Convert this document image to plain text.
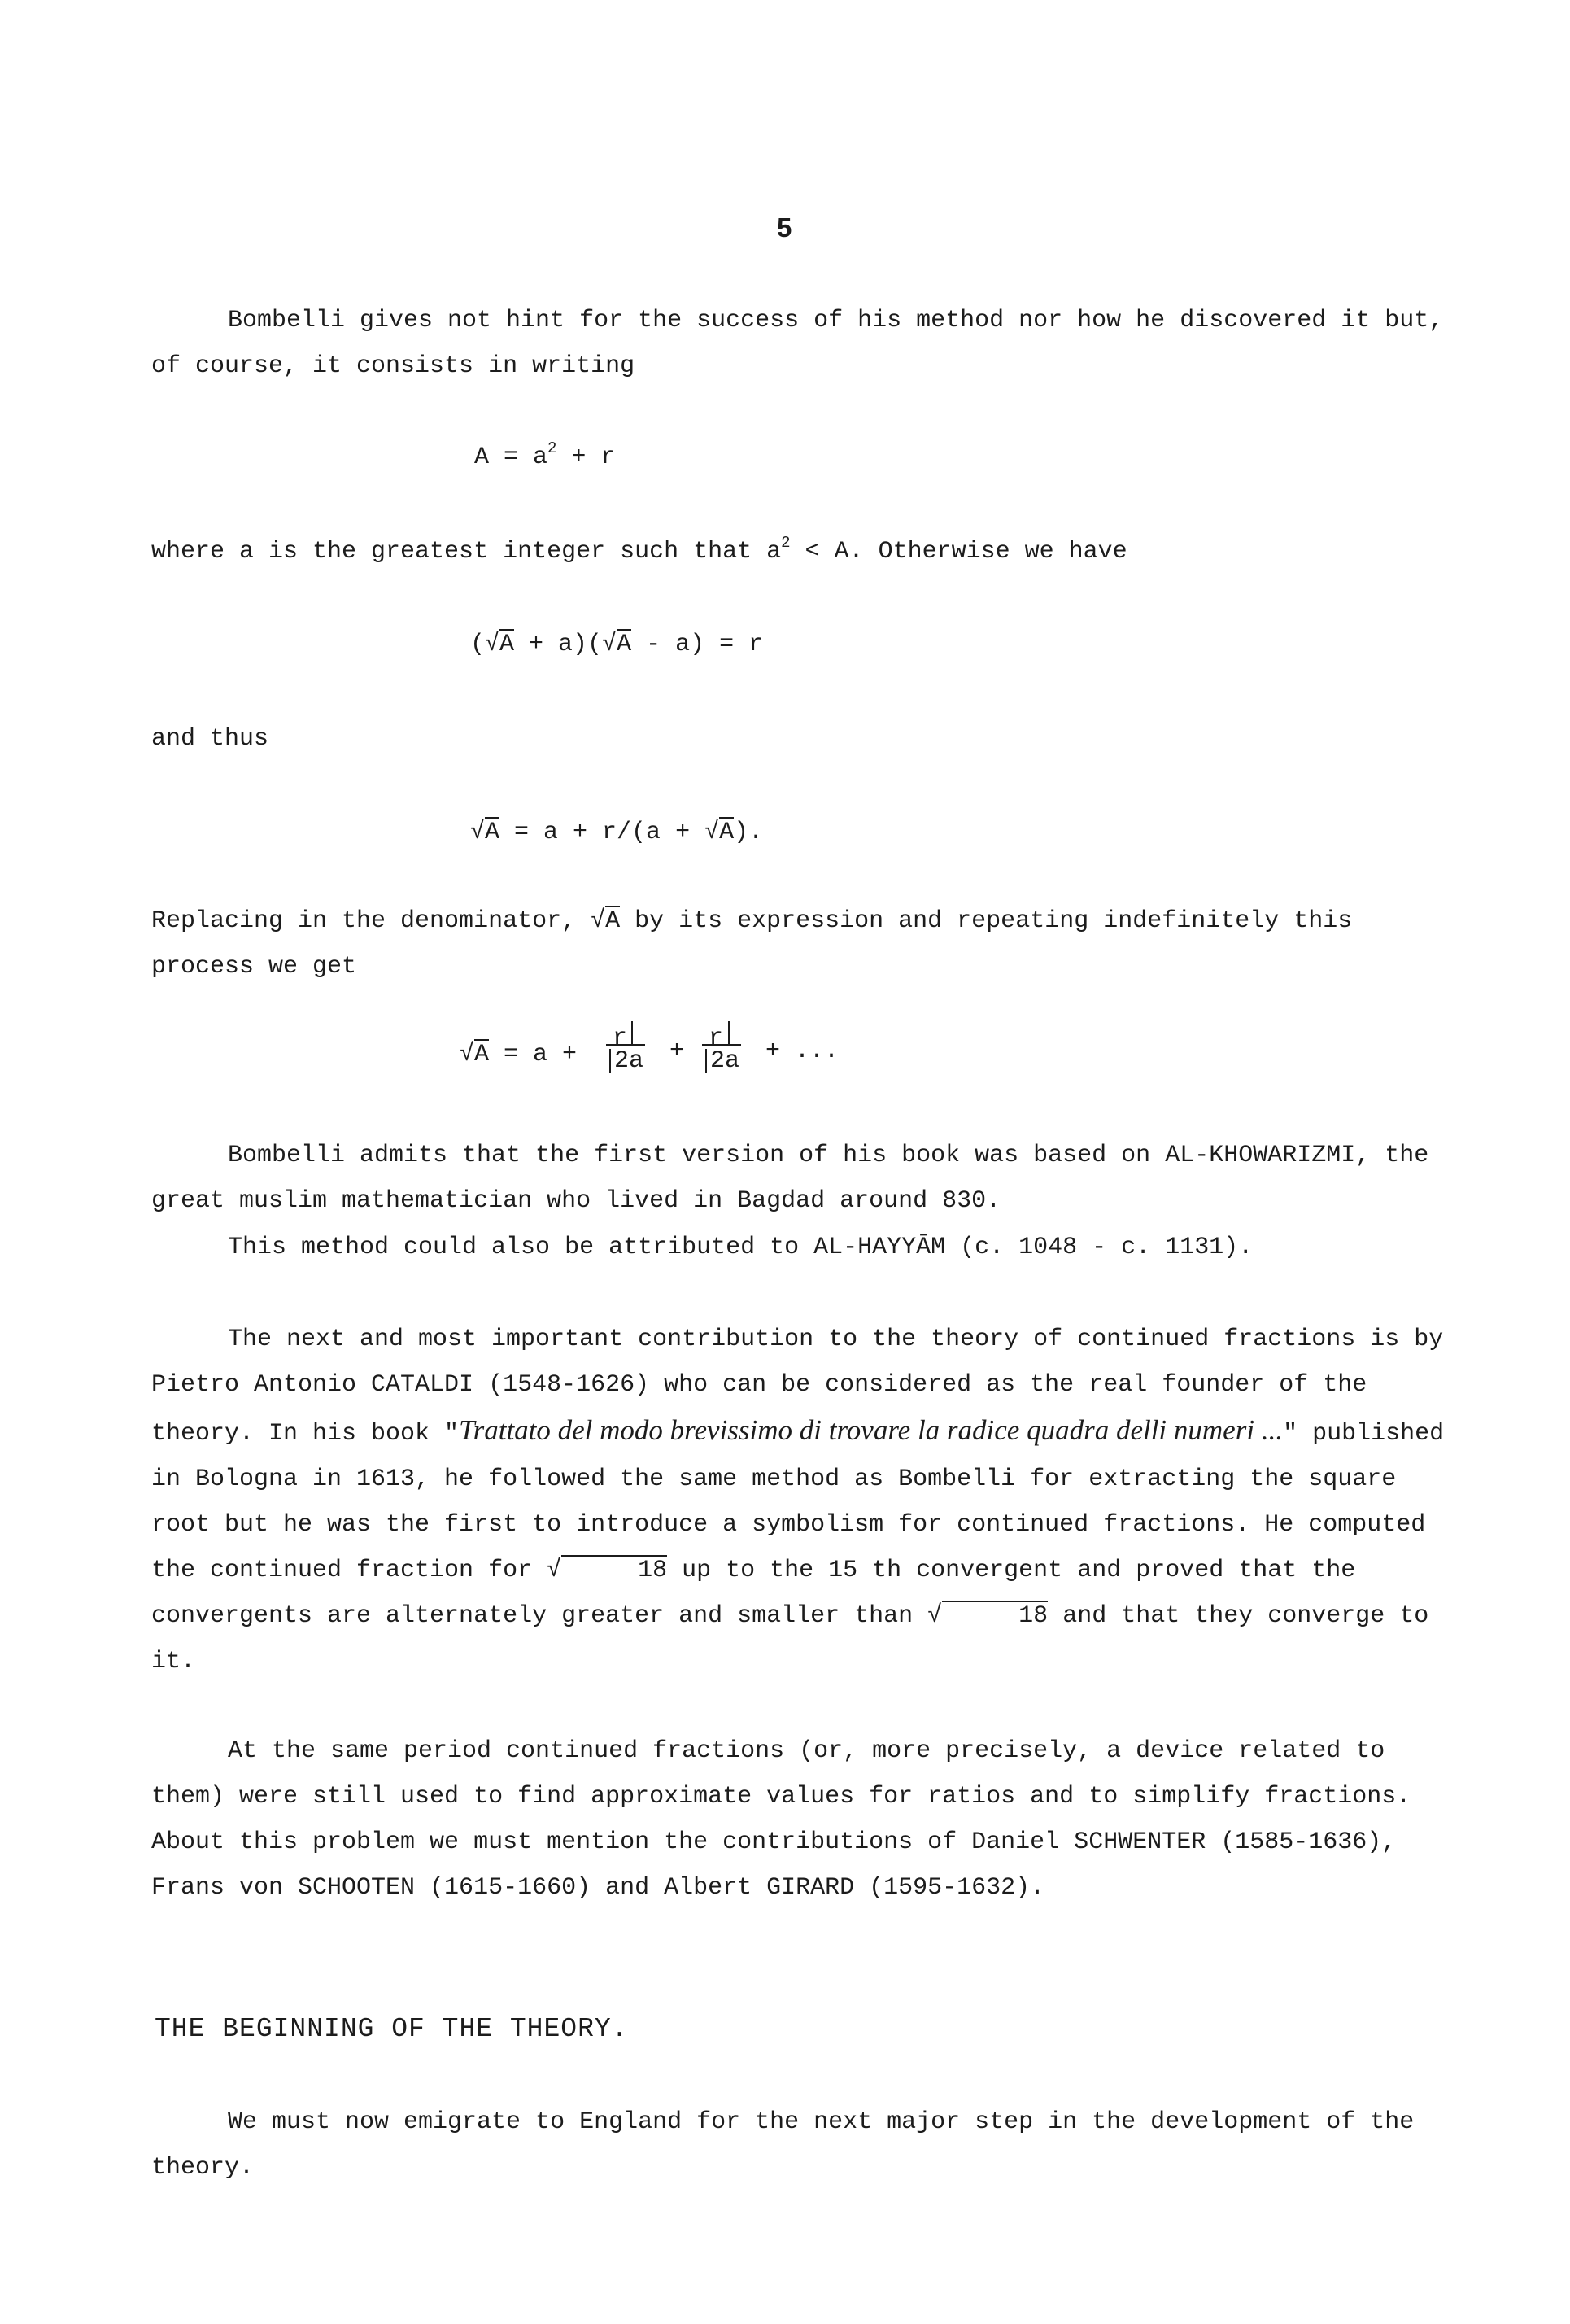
5
Bombelli gives not hint for the success of his method nor how he discovered it but, of course, it consists in writing
$A = a^2 + r$
where a is the greatest integer such that $a^2 < A$. Otherwise we have
(√A + a)(√A - a) = r
and thus
√A = a + r/(a + √A).
Replacing in the denominator, √A by its expression and repeating indefinitely this process we get
√A = a +
r
2a	+ r
2a	+ ...
Bombelli admits that the first version of his book was based on AL-KHOWARIZMI, the great muslim mathematician who lived in Bagdad around 830.
This method could also be attributed to AL-HAYYĀM (c. 1048 - c. 1131).
The next and most important contribution to the theory of continued fractions is by Pietro Antonio CATALDI (1548-1626) who can be considered as the real founder of the theory. In his book "Trattato del modo brevissimo di trovare la radice quadra delli numeri ..." published in Bologna in 1613, he followed the same method as Bombelli for extracting the square root but he was the first to introduce a symbolism for continued fractions. He computed the continued fraction for √	18 up to the 15 th convergent and proved that the convergents are alternately greater and smaller than √	18 and that they converge to it.
At the same period continued fractions (or, more precisely, a device related to them) were still used to find approximate values for ratios and to simplify fractions. About this problem we must mention the contributions of Daniel SCHWENTER (1585-1636), Frans von SCHOOTEN (1615-1660) and Albert GIRARD (1595-1632).
THE BEGINNING OF THE THEORY.
We must now emigrate to England for the next major step in the development of the theory.
